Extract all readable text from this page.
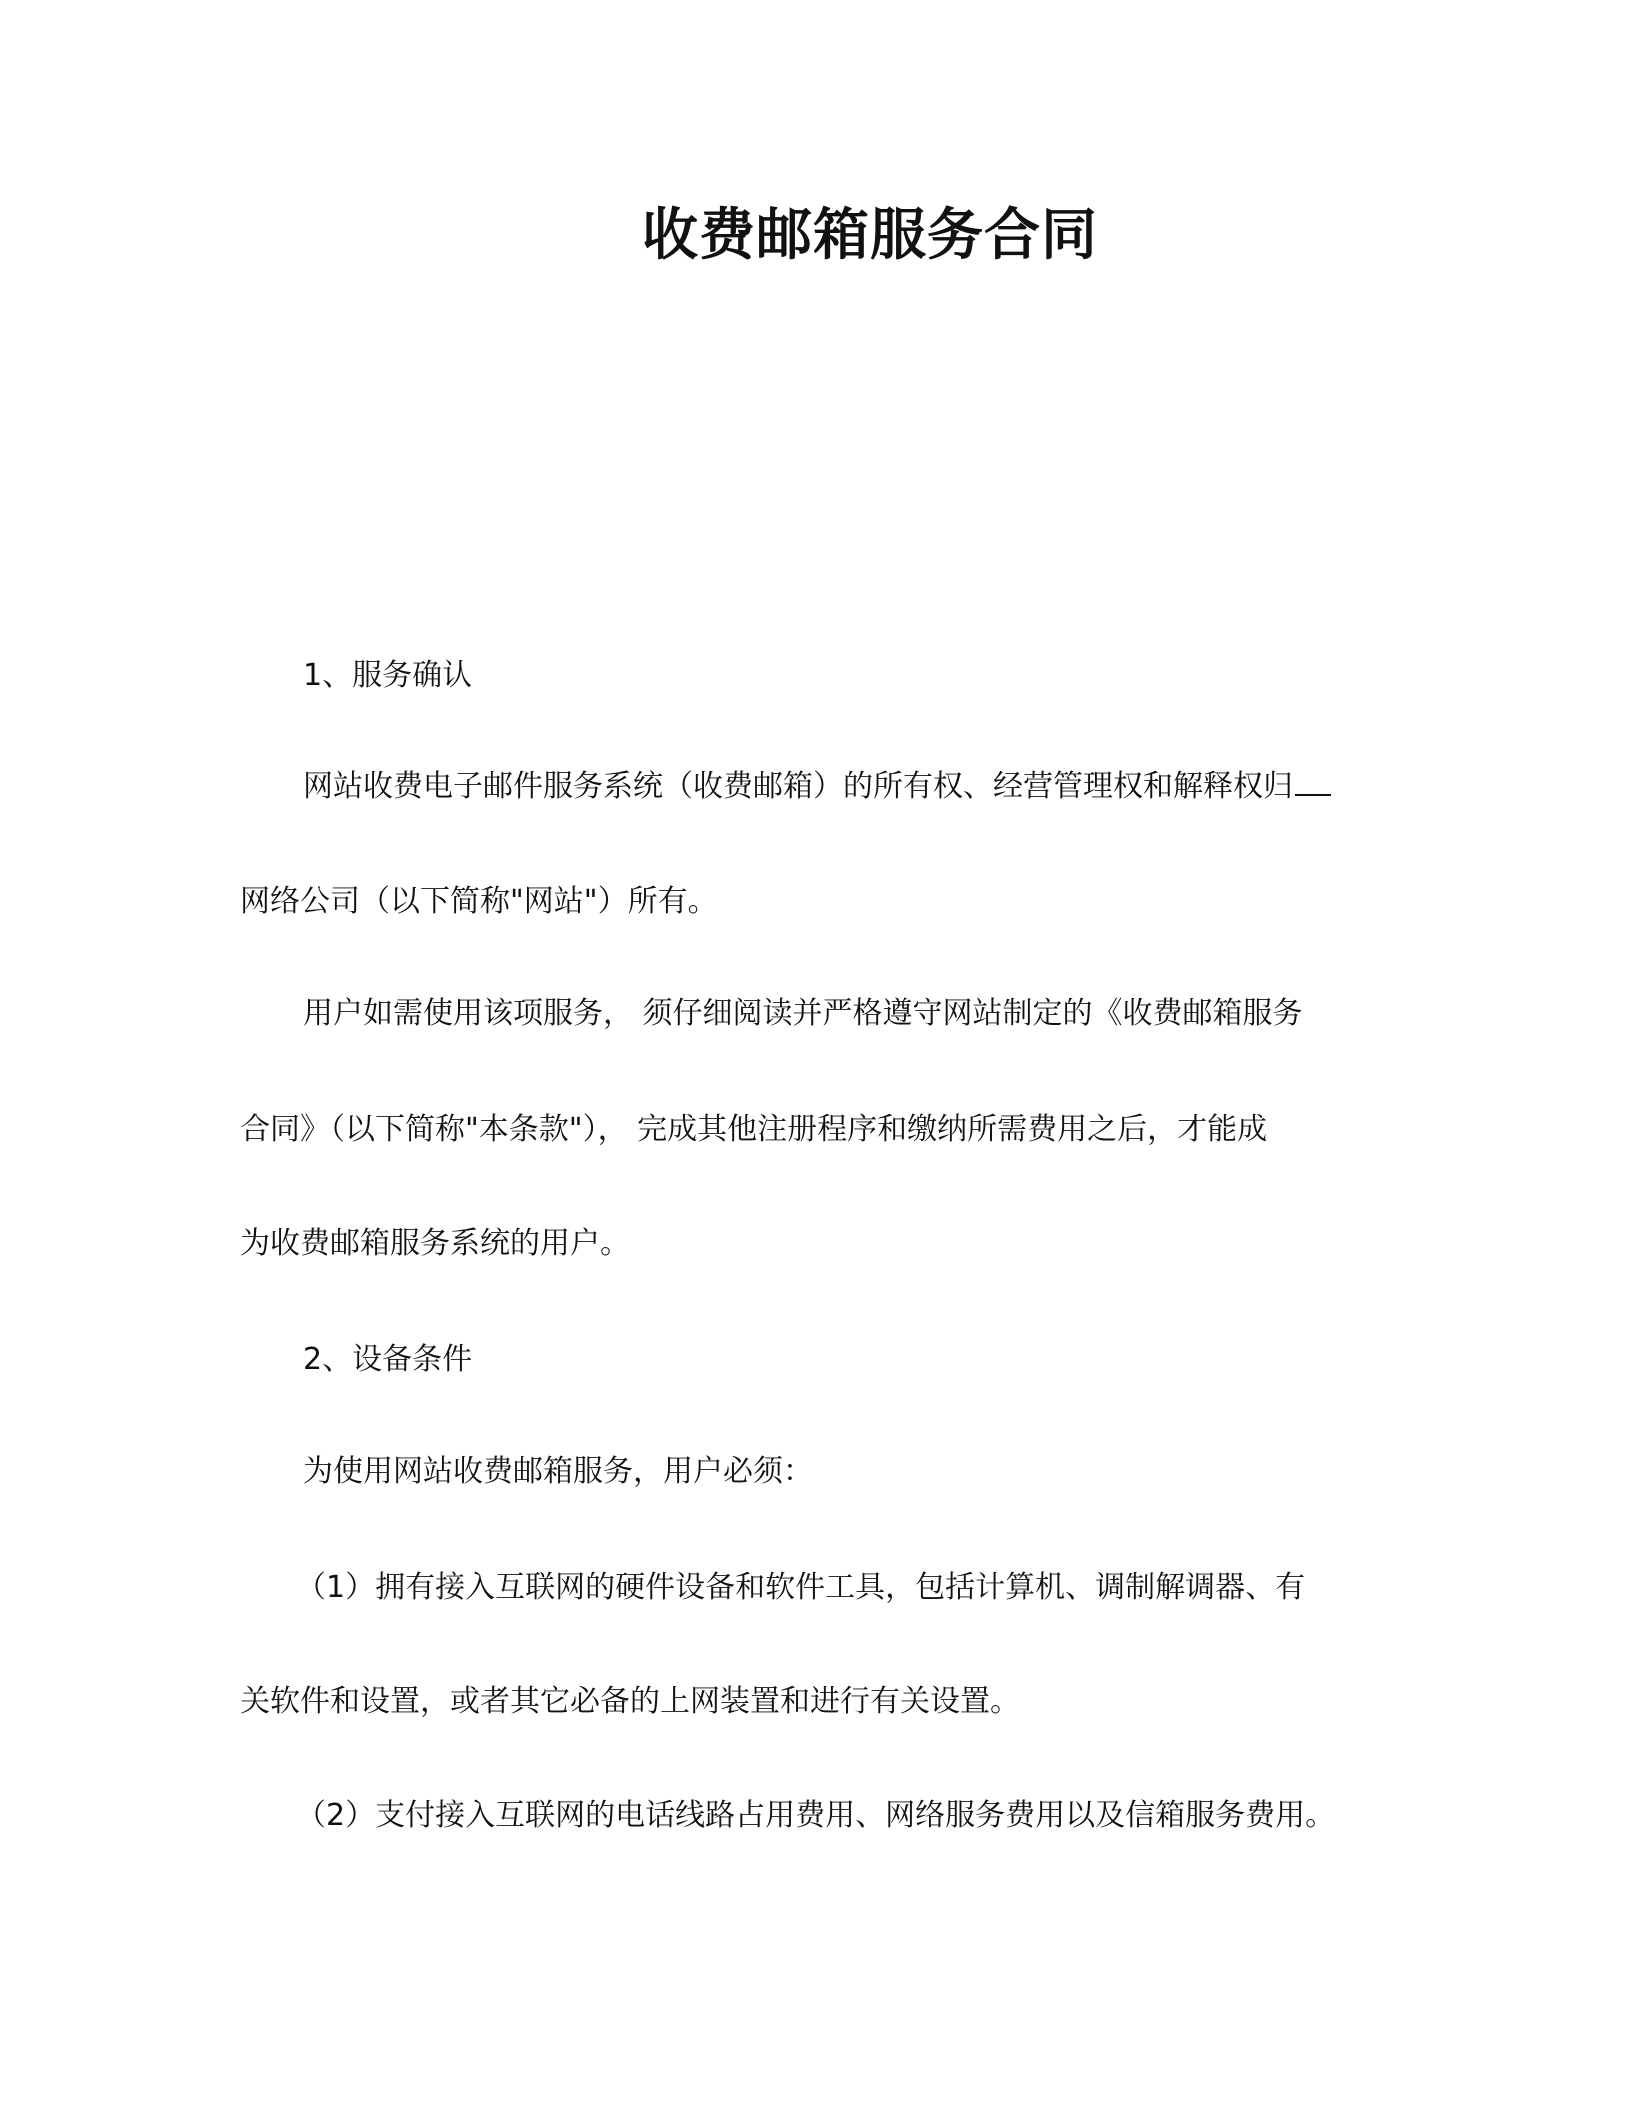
收费邮箱服务合同
1、服务确认
网站收费电子邮件服务系统（收费邮箱）的所有权、经营管理权和解释权归
网络公司（以下简称"网站"）所有。
用户如需使用该项服务， 须仔细阅读并严格遵守网站制定的《收费邮箱服务
合同》（以下简称"本条款"）， 完成其他注册程序和缴纳所需费用之后，才能成
为收费邮箱服务系统的用户。
2、设备条件
为使用网站收费邮箱服务，用户必须：
（1）拥有接入互联网的硬件设备和软件工具，包括计算机、调制解调器、有
关软件和设置，或者其它必备的上网装置和进行有关设置。
（2）支付接入互联网的电话线路占用费用、网络服务费用以及信箱服务费用。
